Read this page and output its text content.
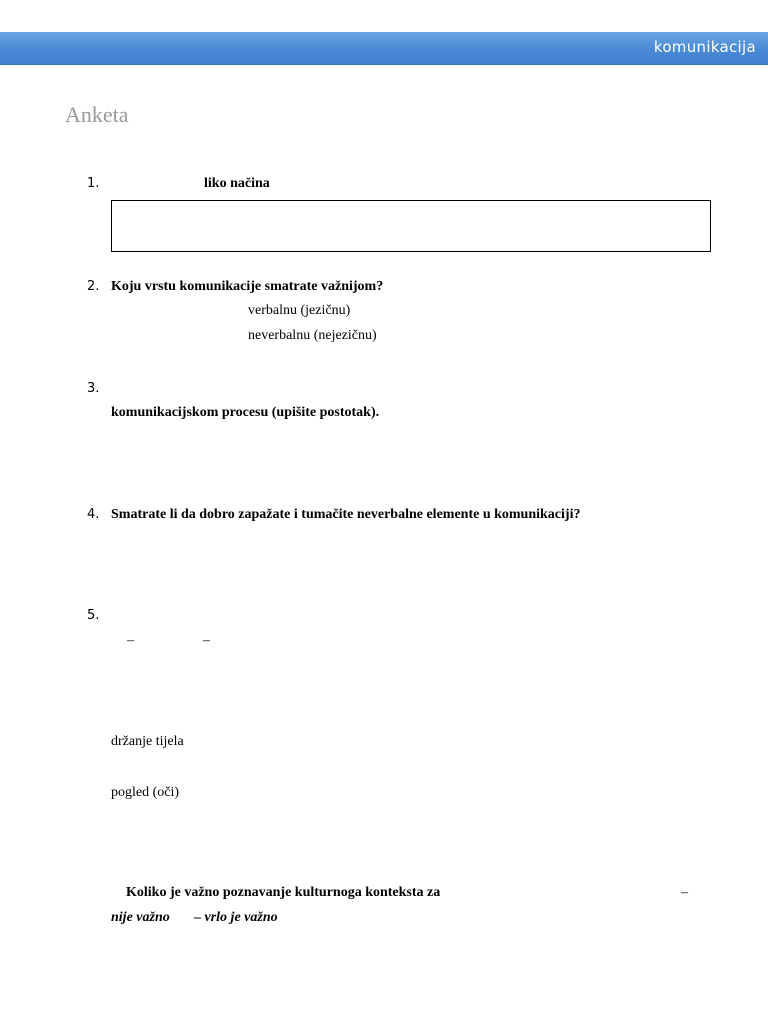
komunikacija
Anketa
1.	liko načina
2. Koju vrstu komunikacije smatrate važnijom?
verbalnu (jezičnu)
neverbalnu (nejezičnu)
3.
komunikacijskom procesu (upišite postotak).
4. Smatrate li da dobro zapažate i tumačite neverbalne elemente u komunikaciji?
5.
–	–
držanje tijela
pogled (oči)
Koliko je važno poznavanje kulturnoga konteksta za	–
nije važno – vrlo je važno
